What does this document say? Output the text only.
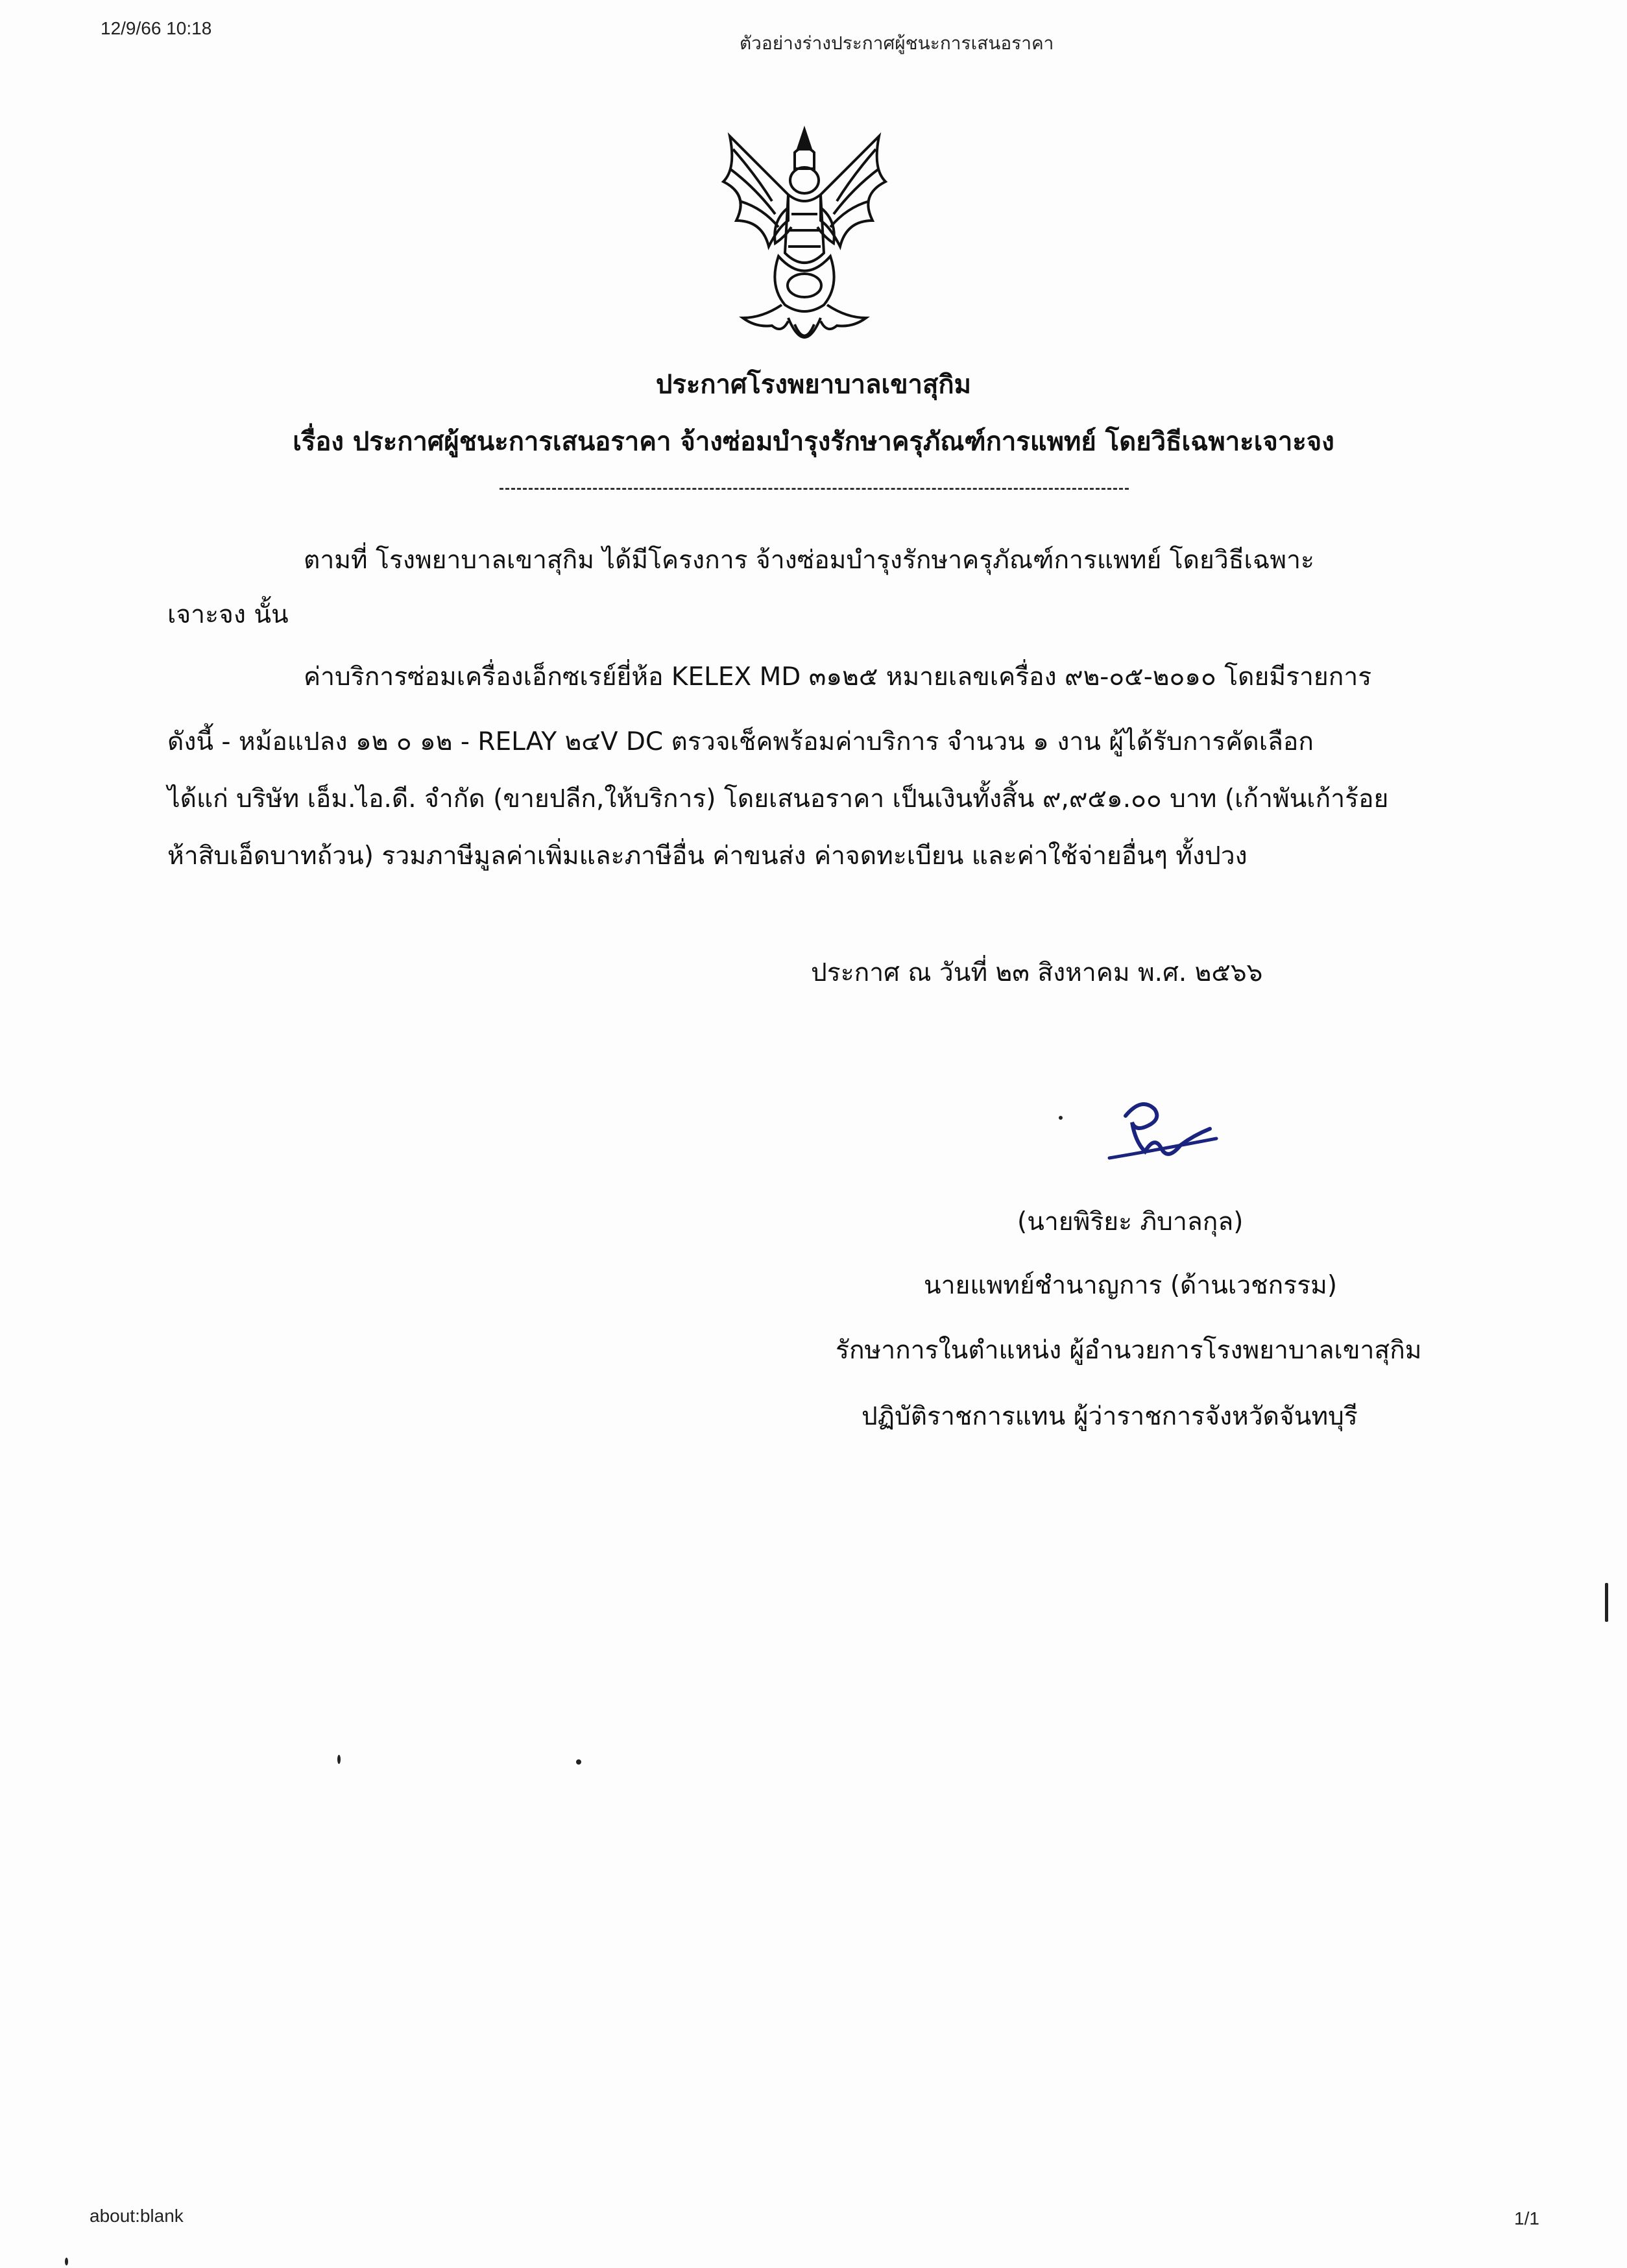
12/9/66 10:18
ตัวอย่างร่างประกาศผู้ชนะการเสนอราคา
ประกาศโรงพยาบาลเขาสุกิม
เรื่อง ประกาศผู้ชนะการเสนอราคา จ้างซ่อมบำรุงรักษาครุภัณฑ์การแพทย์ โดยวิธีเฉพาะเจาะจง
ตามที่ โรงพยาบาลเขาสุกิม ได้มีโครงการ จ้างซ่อมบำรุงรักษาครุภัณฑ์การแพทย์ โดยวิธีเฉพาะ
เจาะจง นั้น
ค่าบริการซ่อมเครื่องเอ็กซเรย์ยี่ห้อ KELEX MD ๓๑๒๕ หมายเลขเครื่อง ๙๒-๐๕-๒๐๑๐ โดยมีรายการ
ดังนี้ - หม้อแปลง ๑๒ ๐ ๑๒ - RELAY ๒๔V DC ตรวจเช็คพร้อมค่าบริการ จำนวน ๑ งาน ผู้ได้รับการคัดเลือก
ได้แก่ บริษัท เอ็ม.ไอ.ดี. จำกัด (ขายปลีก,ให้บริการ) โดยเสนอราคา เป็นเงินทั้งสิ้น ๙,๙๕๑.๐๐ บาท (เก้าพันเก้าร้อย
ห้าสิบเอ็ดบาทถ้วน) รวมภาษีมูลค่าเพิ่มและภาษีอื่น ค่าขนส่ง ค่าจดทะเบียน และค่าใช้จ่ายอื่นๆ ทั้งปวง
ประกาศ ณ วันที่ ๒๓ สิงหาคม พ.ศ. ๒๕๖๖
(นายพิริยะ ภิบาลกุล)
นายแพทย์ชำนาญการ (ด้านเวชกรรม)
รักษาการในตำแหน่ง ผู้อำนวยการโรงพยาบาลเขาสุกิม
ปฏิบัติราชการแทน ผู้ว่าราชการจังหวัดจันทบุรี
about:blank	1/1
